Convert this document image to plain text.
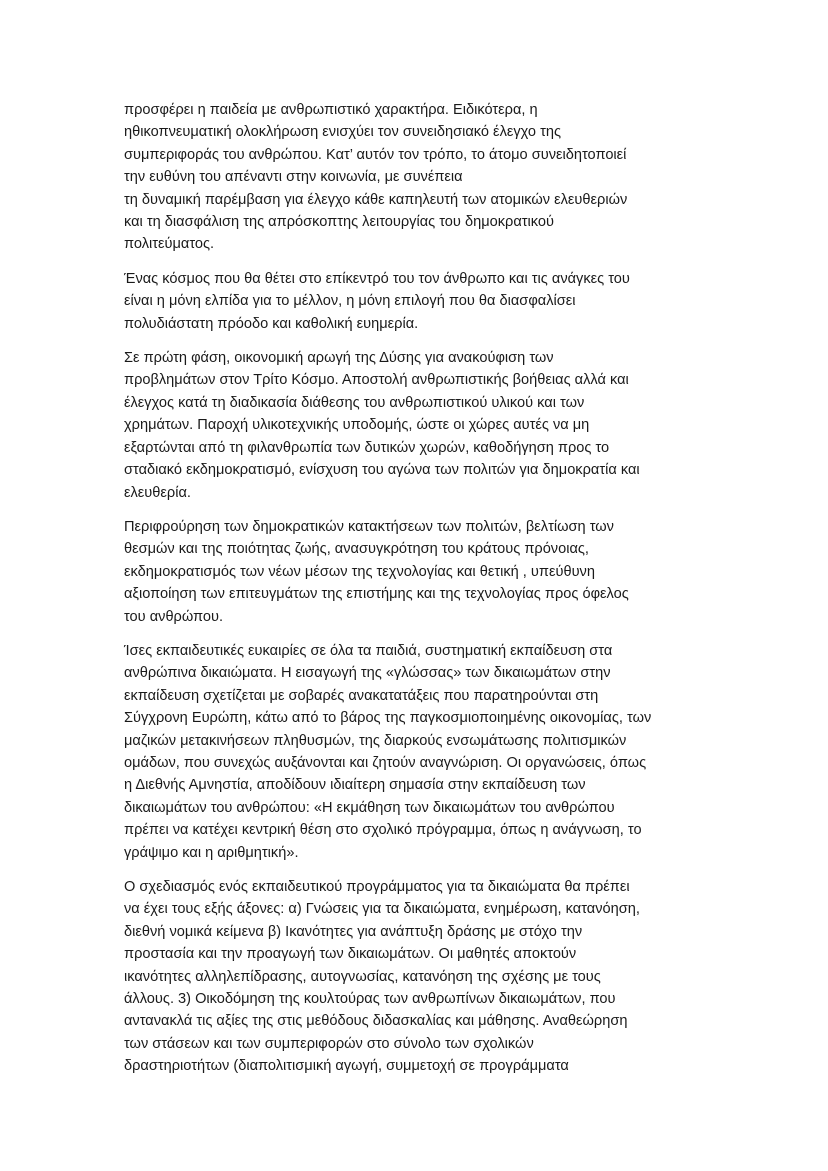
προσφέρει η παιδεία με ανθρωπιστικό χαρακτήρα. Ειδικότερα, η
ηθικοπνευματική ολοκλήρωση ενισχύει τον συνειδησιακό έλεγχο της
συμπεριφοράς του ανθρώπου. Κατ’ αυτόν τον τρόπο, το άτομο συνειδητοποιεί
την ευθύνη του απέναντι στην κοινωνία, με συνέπεια
τη δυναμική παρέμβαση για έλεγχο κάθε καπηλευτή των ατομικών ελευθεριών
και τη διασφάλιση της απρόσκοπτης λειτουργίας του δημοκρατικού
πολιτεύματος.

Ένας κόσμος που θα θέτει στο επίκεντρό του τον άνθρωπο και τις ανάγκες του
είναι η μόνη ελπίδα για το μέλλον, η μόνη επιλογή που θα διασφαλίσει
πολυδιάστατη πρόοδο και καθολική ευημερία.

Σε πρώτη φάση, οικονομική αρωγή της Δύσης για ανακούφιση των
προβλημάτων στον Τρίτο Κόσμο. Αποστολή ανθρωπιστικής βοήθειας αλλά και
έλεγχος κατά τη διαδικασία διάθεσης του ανθρωπιστικού υλικού και των
χρημάτων. Παροχή υλικοτεχνικής υποδομής, ώστε οι χώρες αυτές να μη
εξαρτώνται από τη φιλανθρωπία των δυτικών χωρών, καθοδήγηση προς το
σταδιακό εκδημοκρατισμό, ενίσχυση του αγώνα των πολιτών για δημοκρατία και
ελευθερία.

Περιφρούρηση των δημοκρατικών κατακτήσεων των πολιτών, βελτίωση των
θεσμών και της ποιότητας ζωής, ανασυγκρότηση του κράτους πρόνοιας,
εκδημοκρατισμός των νέων μέσων της τεχνολογίας και θετική , υπεύθυνη
αξιοποίηση των επιτευγμάτων της επιστήμης και της τεχνολογίας προς όφελος
του ανθρώπου.

Ίσες εκπαιδευτικές ευκαιρίες σε όλα τα παιδιά, συστηματική εκπαίδευση στα
ανθρώπινα δικαιώματα. Η εισαγωγή της «γλώσσας» των δικαιωμάτων στην
εκπαίδευση σχετίζεται με σοβαρές ανακατατάξεις που παρατηρούνται στη
Σύγχρονη Ευρώπη, κάτω από το βάρος της παγκοσμιοποιημένης οικονομίας, των
μαζικών μετακινήσεων πληθυσμών, της διαρκούς ενσωμάτωσης πολιτισμικών
ομάδων, που συνεχώς αυξάνονται και ζητούν αναγνώριση. Οι οργανώσεις, όπως
η Διεθνής Αμνηστία, αποδίδουν ιδιαίτερη σημασία στην εκπαίδευση των
δικαιωμάτων του ανθρώπου: «Η εκμάθηση των δικαιωμάτων του ανθρώπου
πρέπει να κατέχει κεντρική θέση στο σχολικό πρόγραμμα, όπως η ανάγνωση, το
γράψιμο και η αριθμητική».

Ο σχεδιασμός ενός εκπαιδευτικού προγράμματος για τα δικαιώματα θα πρέπει
να έχει τους εξής άξονες: α) Γνώσεις για τα δικαιώματα, ενημέρωση, κατανόηση,
διεθνή νομικά κείμενα β) Ικανότητες για ανάπτυξη δράσης με στόχο την
προστασία και την προαγωγή των δικαιωμάτων. Οι μαθητές αποκτούν
ικανότητες αλληλεπίδρασης, αυτογνωσίας, κατανόηση της σχέσης με τους
άλλους. 3) Οικοδόμηση της κουλτούρας των ανθρωπίνων δικαιωμάτων, που
αντανακλά τις αξίες της στις μεθόδους διδασκαλίας και μάθησης. Αναθεώρηση
των στάσεων και των συμπεριφορών στο σύνολο των σχολικών
δραστηριοτήτων (διαπολιτισμική αγωγή, συμμετοχή σε προγράμματα
